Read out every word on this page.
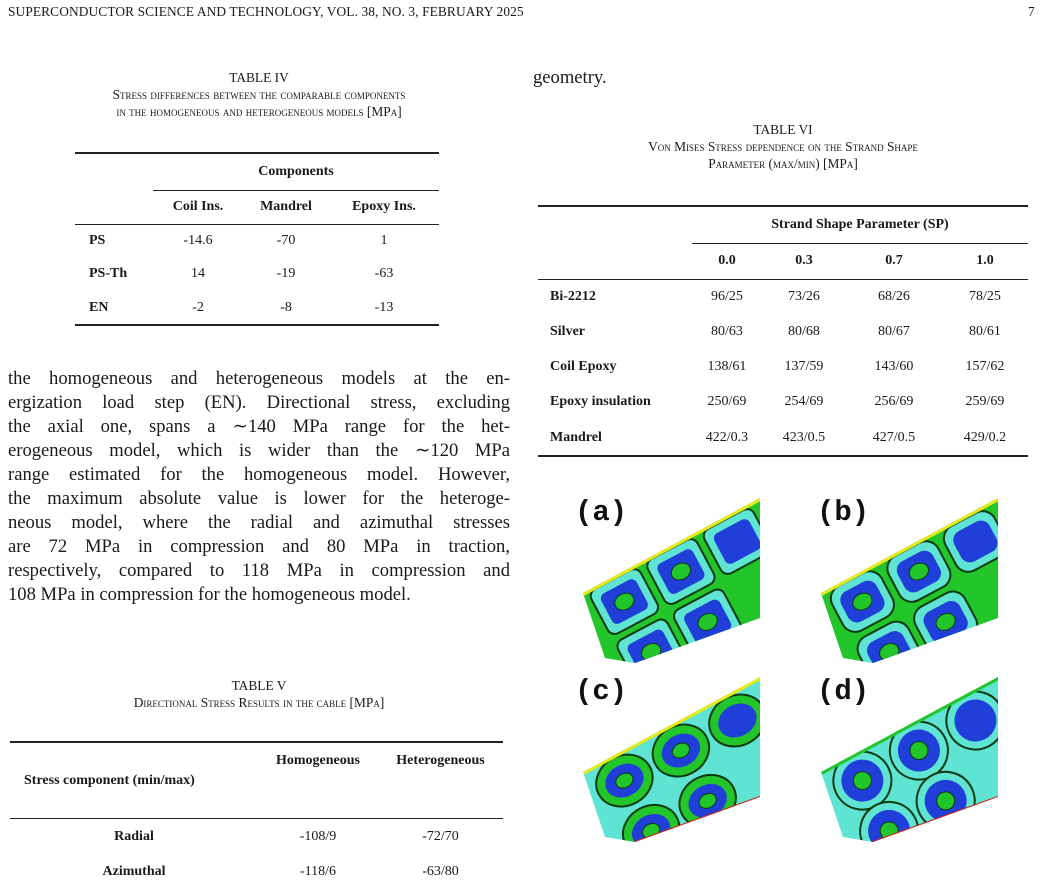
SUPERCONDUCTOR SCIENCE AND TECHNOLOGY, VOL. 38, NO. 3, FEBRUARY 2025	7
TABLE IV
Stress differences between the comparable components
in the homogeneous and heterogeneous models [MPa]
	Components		
	Coil Ins.	Mandrel	Epoxy Ins.
PS	-14.6	-70	1
PS-Th	14	-19	-63
EN	-2	-8	-13
the homogeneous and heterogeneous models at the en-
ergization load step (EN). Directional stress, excluding
the axial one, spans a ∼140 MPa range for the het-
erogeneous model, which is wider than the ∼120 MPa
range estimated for the homogeneous model. However,
the maximum absolute value is lower for the heteroge-
neous model, where the radial and azimuthal stresses
are 72 MPa in compression and 80 MPa in traction,
respectively, compared to 118 MPa in compression and
108 MPa in compression for the homogeneous model.
TABLE V
Directional Stress Results in the cable [MPa]
Stress component (min/max)	Homogeneous	Heterogeneous

Radial	-108/9	-72/70
Azimuthal	-118/6	-63/80
geometry.
TABLE VI
Von Mises Stress dependence on the Strand Shape
Parameter (max/min) [MPa]
	Strand Shape Parameter (SP)			
	0.0	0.3	0.7	1.0
Bi-2212	96/25	73/26	68/26	78/25
Silver	80/63	80/68	80/67	80/61
Coil Epoxy	138/61	137/59	143/60	157/62
Epoxy insulation	250/69	254/69	256/69	259/69
Mandrel	422/0.3	423/0.5	427/0.5	429/0.2
(a)	(b)
(c)	(d)
